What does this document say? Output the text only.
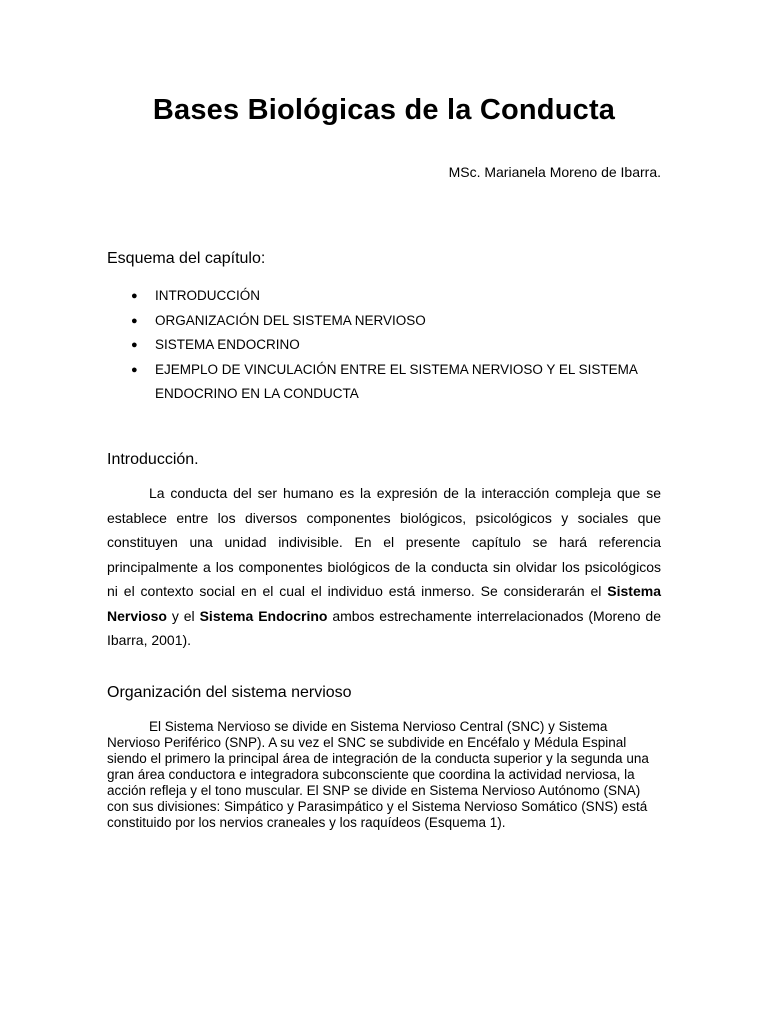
Bases Biológicas de la Conducta
MSc. Marianela Moreno de Ibarra.
Esquema del capítulo:
● INTRODUCCIÓN
● ORGANIZACIÓN DEL SISTEMA NERVIOSO
● SISTEMA ENDOCRINO
● EJEMPLO DE VINCULACIÓN ENTRE EL SISTEMA NERVIOSO Y EL SISTEMA ENDOCRINO EN LA CONDUCTA
Introducción.

La conducta del ser humano es la expresión de la interacción compleja que se establece entre los diversos componentes biológicos, psicológicos y sociales que constituyen una unidad indivisible. En el presente capítulo se hará referencia principalmente a los componentes biológicos de la conducta sin olvidar los psicológicos ni el contexto social en el cual el individuo está inmerso. Se considerarán el Sistema Nervioso y el Sistema Endocrino ambos estrechamente interrelacionados (Moreno de Ibarra, 2001).

Organización del sistema nervioso
El Sistema Nervioso se divide en Sistema Nervioso Central (SNC) y Sistema
Nervioso Periférico (SNP). A su vez el SNC se subdivide en Encéfalo y Médula Espinal
siendo el primero la principal área de integración de la conducta superior y la segunda una
gran área conductora e integradora subconsciente que coordina la actividad nerviosa, la
acción refleja y el tono muscular. El SNP se divide en Sistema Nervioso Autónomo (SNA)
con sus divisiones: Simpático y Parasimpático y el Sistema Nervioso Somático (SNS) está
constituido por los nervios craneales y los raquídeos (Esquema 1).
